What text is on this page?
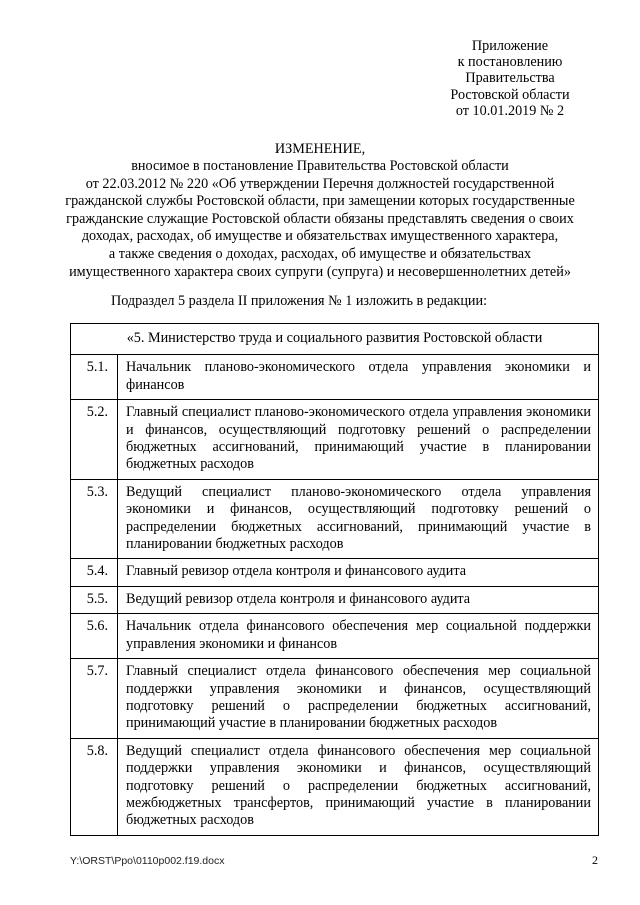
Приложение
к постановлению
Правительства
Ростовской области
от 10.01.2019 № 2
ИЗМЕНЕНИЕ,
вносимое в постановление Правительства Ростовской области
от 22.03.2012 № 220 «Об утверждении Перечня должностей государственной
гражданской службы Ростовской области, при замещении которых государственные
гражданские служащие Ростовской области обязаны представлять сведения о своих
доходах, расходах, об имуществе и обязательствах имущественного характера,
а также сведения о доходах, расходах, об имуществе и обязательствах
имущественного характера своих супруги (супруга) и несовершеннолетних детей»
Подраздел 5 раздела II приложения № 1 изложить в редакции:
«5. Министерство труда и социального развития Ростовской области	
5.1.	Начальник планово-экономического отдела управления экономики и финансов
5.2.	Главный специалист планово-экономического отдела управления экономики и финансов, осуществляющий подготовку решений о распределении бюджетных ассигнований, принимающий участие в планировании бюджетных расходов
5.3.	Ведущий специалист планово-экономического отдела управления экономики и финансов, осуществляющий подготовку решений о распределении бюджетных ассигнований, принимающий участие в планировании бюджетных расходов
5.4.	Главный ревизор отдела контроля и финансового аудита
5.5.	Ведущий ревизор отдела контроля и финансового аудита
5.6.	Начальник отдела финансового обеспечения мер социальной поддержки управления экономики и финансов
5.7.	Главный специалист отдела финансового обеспечения мер социальной поддержки управления экономики и финансов, осуществляющий подготовку решений о распределении бюджетных ассигнований, принимающий участие в планировании бюджетных расходов
5.8.	Ведущий специалист отдела финансового обеспечения мер социальной поддержки управления экономики и финансов, осуществляющий подготовку решений о распределении бюджетных ассигнований, межбюджетных трансфертов, принимающий участие в планировании бюджетных расходов
Y:\ORST\Ppo\0110p002.f19.docx	2
